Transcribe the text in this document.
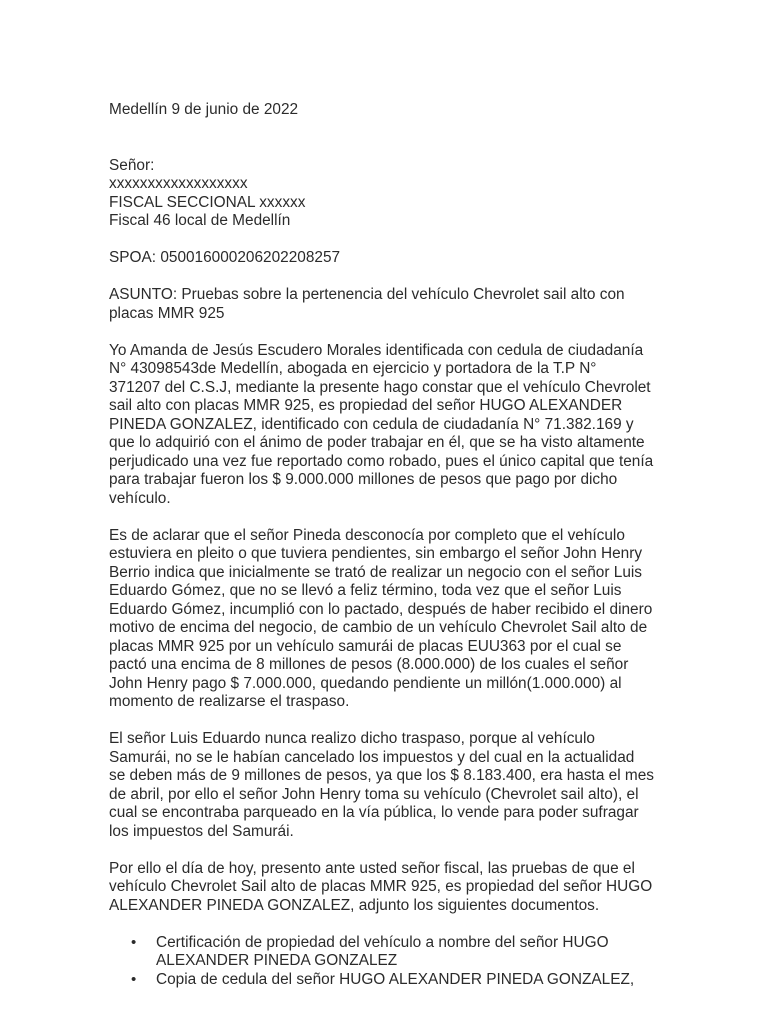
Medellín 9 de junio de 2022
Señor:
xxxxxxxxxxxxxxxxxx
FISCAL SECCIONAL xxxxxx
Fiscal 46 local de Medellín
SPOA: 050016000206202208257
ASUNTO: Pruebas sobre la pertenencia del vehículo Chevrolet sail alto con
placas MMR 925
Yo Amanda de Jesús Escudero Morales identificada con cedula de ciudadanía
N° 43098543de Medellín, abogada en ejercicio y portadora de la T.P N°
371207 del C.S.J, mediante la presente hago constar que el vehículo Chevrolet
sail alto con placas MMR 925, es propiedad del señor HUGO ALEXANDER
PINEDA GONZALEZ, identificado con cedula de ciudadanía N° 71.382.169 y
que lo adquirió con el ánimo de poder trabajar en él, que se ha visto altamente
perjudicado una vez fue reportado como robado, pues el único capital que tenía
para trabajar fueron los $ 9.000.000 millones de pesos que pago por dicho
vehículo.
Es de aclarar que el señor Pineda desconocía por completo que el vehículo
estuviera en pleito o que tuviera pendientes, sin embargo el señor John Henry
Berrio indica que inicialmente se trató de realizar un negocio con el señor Luis
Eduardo Gómez, que no se llevó a feliz término, toda vez que el señor Luis
Eduardo Gómez, incumplió con lo pactado, después de haber recibido el dinero
motivo de encima del negocio, de cambio de un vehículo Chevrolet Sail alto de
placas MMR 925 por un vehículo samurái de placas EUU363 por el cual se
pactó una encima de 8 millones de pesos (8.000.000) de los cuales el señor
John Henry pago $ 7.000.000, quedando pendiente un millón(1.000.000) al
momento de realizarse el traspaso.
El señor Luis Eduardo nunca realizo dicho traspaso, porque al vehículo
Samurái, no se le habían cancelado los impuestos y del cual en la actualidad
se deben más de 9 millones de pesos, ya que los $ 8.183.400, era hasta el mes
de abril, por ello el señor John Henry toma su vehículo (Chevrolet sail alto), el
cual se encontraba parqueado en la vía pública, lo vende para poder sufragar
los impuestos del Samurái.
Por ello el día de hoy, presento ante usted señor fiscal, las pruebas de que el
vehículo Chevrolet Sail alto de placas MMR 925, es propiedad del señor HUGO
ALEXANDER PINEDA GONZALEZ, adjunto los siguientes documentos.
• Certificación de propiedad del vehículo a nombre del señor HUGO
ALEXANDER PINEDA GONZALEZ
• Copia de cedula del señor HUGO ALEXANDER PINEDA GONZALEZ,
